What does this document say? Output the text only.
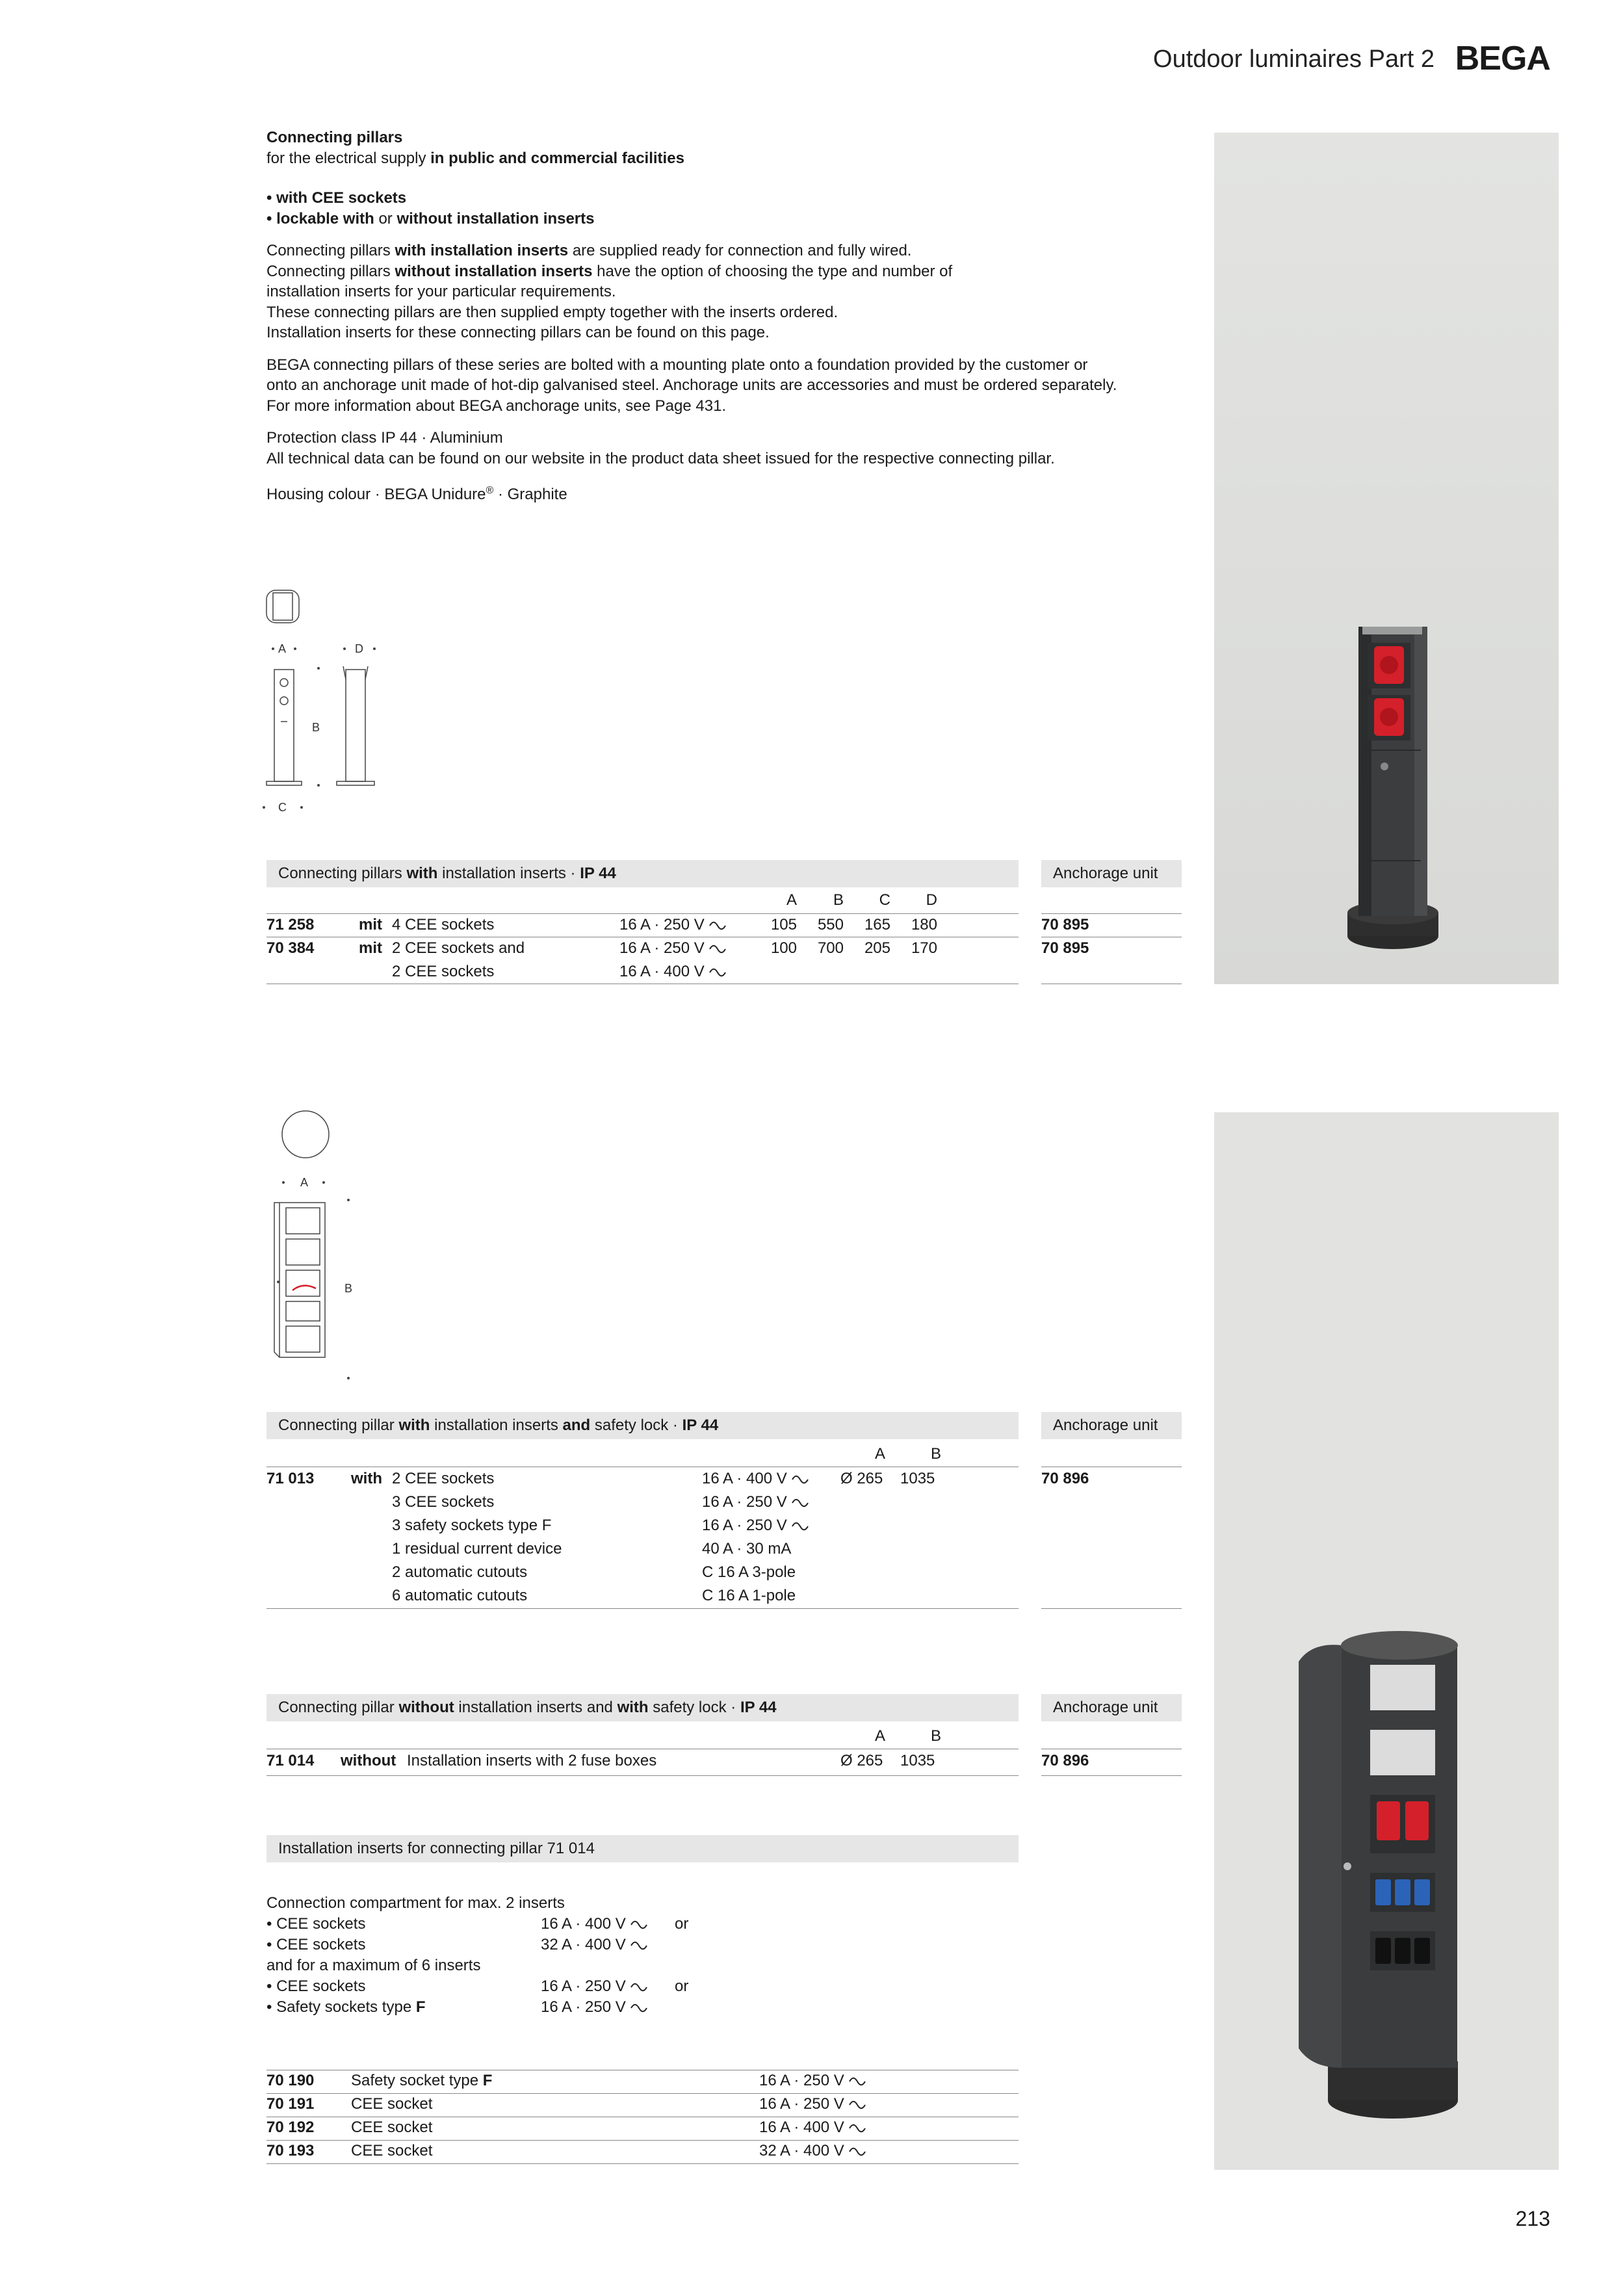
Outdoor luminaires Part 2 BEGA

Connecting pillars
for the electrical supply in public and commercial facilities

• with CEE sockets
• lockable with or without installation inserts

Connecting pillars with installation inserts are supplied ready for connection and fully wired.
Connecting pillars without installation inserts have the option of choosing the type and number of
installation inserts for your particular requirements.
These connecting pillars are then supplied empty together with the inserts ordered.
Installation inserts for these connecting pillars can be found on this page.

BEGA connecting pillars of these series are bolted with a mounting plate onto a foundation provided by the customer or
onto an anchorage unit made of hot-dip galvanised steel. Anchorage units are accessories and must be ordered separately.
For more information about BEGA anchorage units, see Page 431.

Protection class IP 44 · Aluminium
All technical data can be found on our website in the product data sheet issued for the respective connecting pillar.

Housing colour · BEGA Unidure® · Graphite

A	D
B
C
Connecting pillars with installation inserts · IP 44	Anchorage unit
A	B	C	D
71 258	mit 4 CEE sockets	16 A · 250 V	105	550	165	180	70 895
70 384	mit 2 CEE sockets and	16 A · 250 V	100	700	205	170	70 895
2 CEE sockets	16 A · 400 V
A
B
Connecting pillar with installation inserts and safety lock · IP 44	Anchorage unit
A	B
71 013 with	Ø 265 1035	70 896
2 CEE sockets	16 A · 400 V
3 CEE sockets	16 A · 250 V
3 safety sockets type F	16 A · 250 V
1 residual current device	40 A · 30 mA
2 automatic cutouts	C 16 A 3-pole
6 automatic cutouts	C 16 A 1-pole
Connecting pillar without installation inserts and with safety lock · IP 44	Anchorage unit
A	B
71 014 without Installation inserts with 2 fuse boxes	Ø 265 1035	70 896
Installation inserts for connecting pillar 71 014
Connection compartment for max. 2 inserts
• CEE sockets	16 A · 400 V	or
• CEE sockets	32 A · 400 V
and for a maximum of 6 inserts
• CEE sockets	16 A · 250 V	or
• Safety sockets type F	16 A · 250 V
70 190 Safety socket type F	16 A · 250 V
70 191 CEE socket	16 A · 250 V
70 192 CEE socket	16 A · 400 V
70 193 CEE socket	32 A · 400 V
213
